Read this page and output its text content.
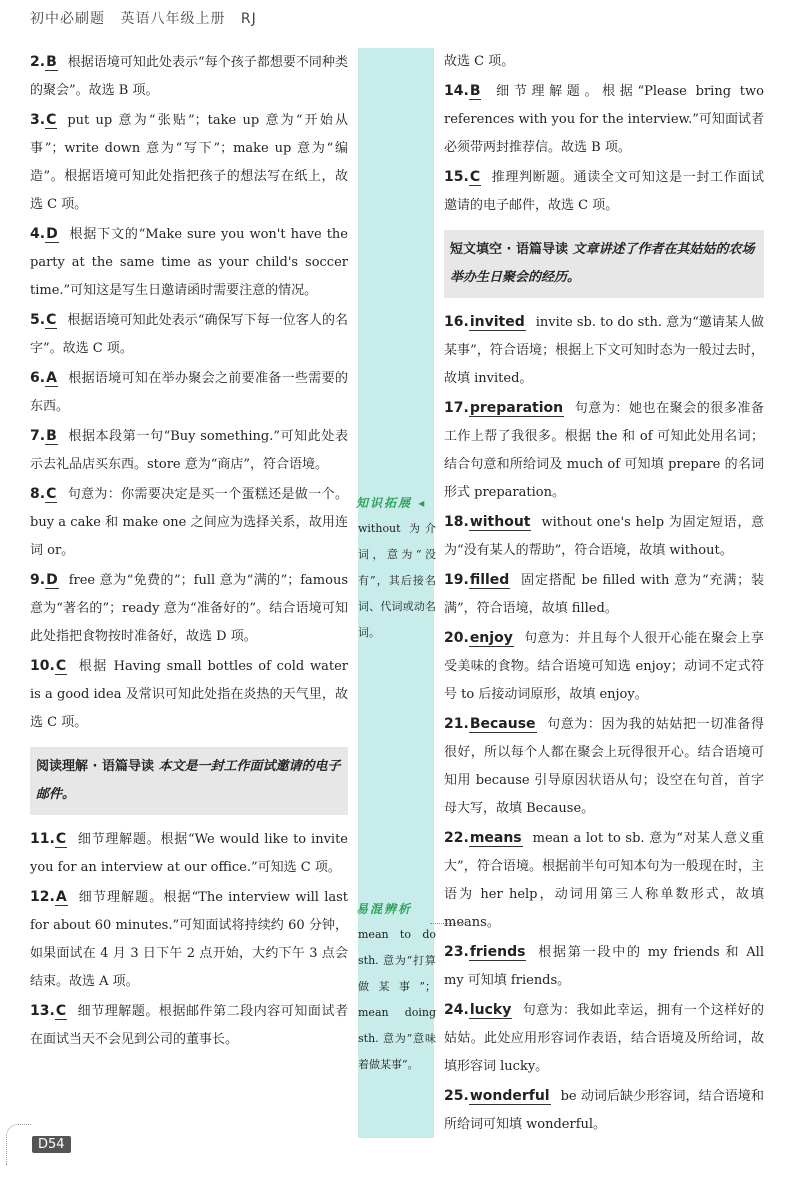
初中必刷题 英语八年级上册 RJ

2.B 根据语境可知此处表示“每个孩子都想要不同种类的聚会”。故选 B 项。

3.C put up 意为“张贴”；take up 意为“开始从事”；write down 意为“写下”；make up 意为“编造”。根据语境可知此处指把孩子的想法写在纸上，故选 C 项。

4.D 根据下文的“Make sure you won't have the party at the same time as your child's soccer time.”可知这是写生日邀请函时需要注意的情况。

5.C 根据语境可知此处表示“确保写下每一位客人的名字”。故选 C 项。

6.A 根据语境可知在举办聚会之前要准备一些需要的东西。

7.B 根据本段第一句“Buy something.”可知此处表示去礼品店买东西。store 意为“商店”，符合语境。

8.C 句意为：你需要决定是买一个蛋糕还是做一个。buy a cake 和 make one 之间应为选择关系，故用连词 or。

9.D free 意为“免费的”；full 意为“满的”；famous 意为“著名的”；ready 意为“准备好的”。结合语境可知此处指把食物按时准备好，故选 D 项。

10.C 根据 Having small bottles of cold water is a good idea 及常识可知此处指在炎热的天气里，故选 C 项。

阅读理解 · 语篇导读 本文是一封工作面试邀请的电子邮件。

11.C 细节理解题。根据“We would like to invite you for an interview at our office.”可知选 C 项。

12.A 细节理解题。根据“The interview will last for about 60 minutes.”可知面试将持续约 60 分钟，如果面试在 4 月 3 日下午 2 点开始，大约下午 3 点会结束。故选 A 项。

13.C 细节理解题。根据邮件第二段内容可知面试者在面试当天不会见到公司的董事长。

故选 C 项。

14.B 细节理解题。根据“Please bring two references with you for the interview.”可知面试者必须带两封推荐信。故选 B 项。

15.C 推理判断题。通读全文可知这是一封工作面试邀请的电子邮件，故选 C 项。

短文填空 · 语篇导读 文章讲述了作者在其姑姑的农场举办生日聚会的经历。

16.invited invite sb. to do sth. 意为“邀请某人做某事”，符合语境；根据上下文可知时态为一般过去时，故填 invited。

17.preparation 句意为：她也在聚会的很多准备工作上帮了我很多。根据 the 和 of 可知此处用名词；结合句意和所给词及 much of 可知填 prepare 的名词形式 preparation。

18.without without one's help 为固定短语，意为“没有某人的帮助”，符合语境，故填 without。

19.filled 固定搭配 be filled with 意为“充满；装满”，符合语境，故填 filled。

20.enjoy 句意为：并且每个人很开心能在聚会上享受美味的食物。结合语境可知选 enjoy；动词不定式符号 to 后接动词原形，故填 enjoy。

21.Because 句意为：因为我的姑姑把一切准备得很好，所以每个人都在聚会上玩得很开心。结合语境可知用 because 引导原因状语从句；设空在句首，首字母大写，故填 Because。

22.means mean a lot to sb. 意为“对某人意义重大”，符合语境。根据前半句可知本句为一般现在时，主语为 her help，动词用第三人称单数形式，故填 means。

23.friends 根据第一段中的 my friends 和 All my 可知填 friends。

24.lucky 句意为：我如此幸运，拥有一个这样好的姑姑。此处应用形容词作表语，结合语境及所给词，故填形容词 lucky。

25.wonderful be 动词后缺少形容词，结合语境和所给词可知填 wonderful。

知识拓展 ◂
without 为介词，意为“没有”，其后接名词、代词或动名词。
易混辨析
mean to do sth. 意为“打算做某事”；mean doing sth. 意为“意味着做某事”。
D54
